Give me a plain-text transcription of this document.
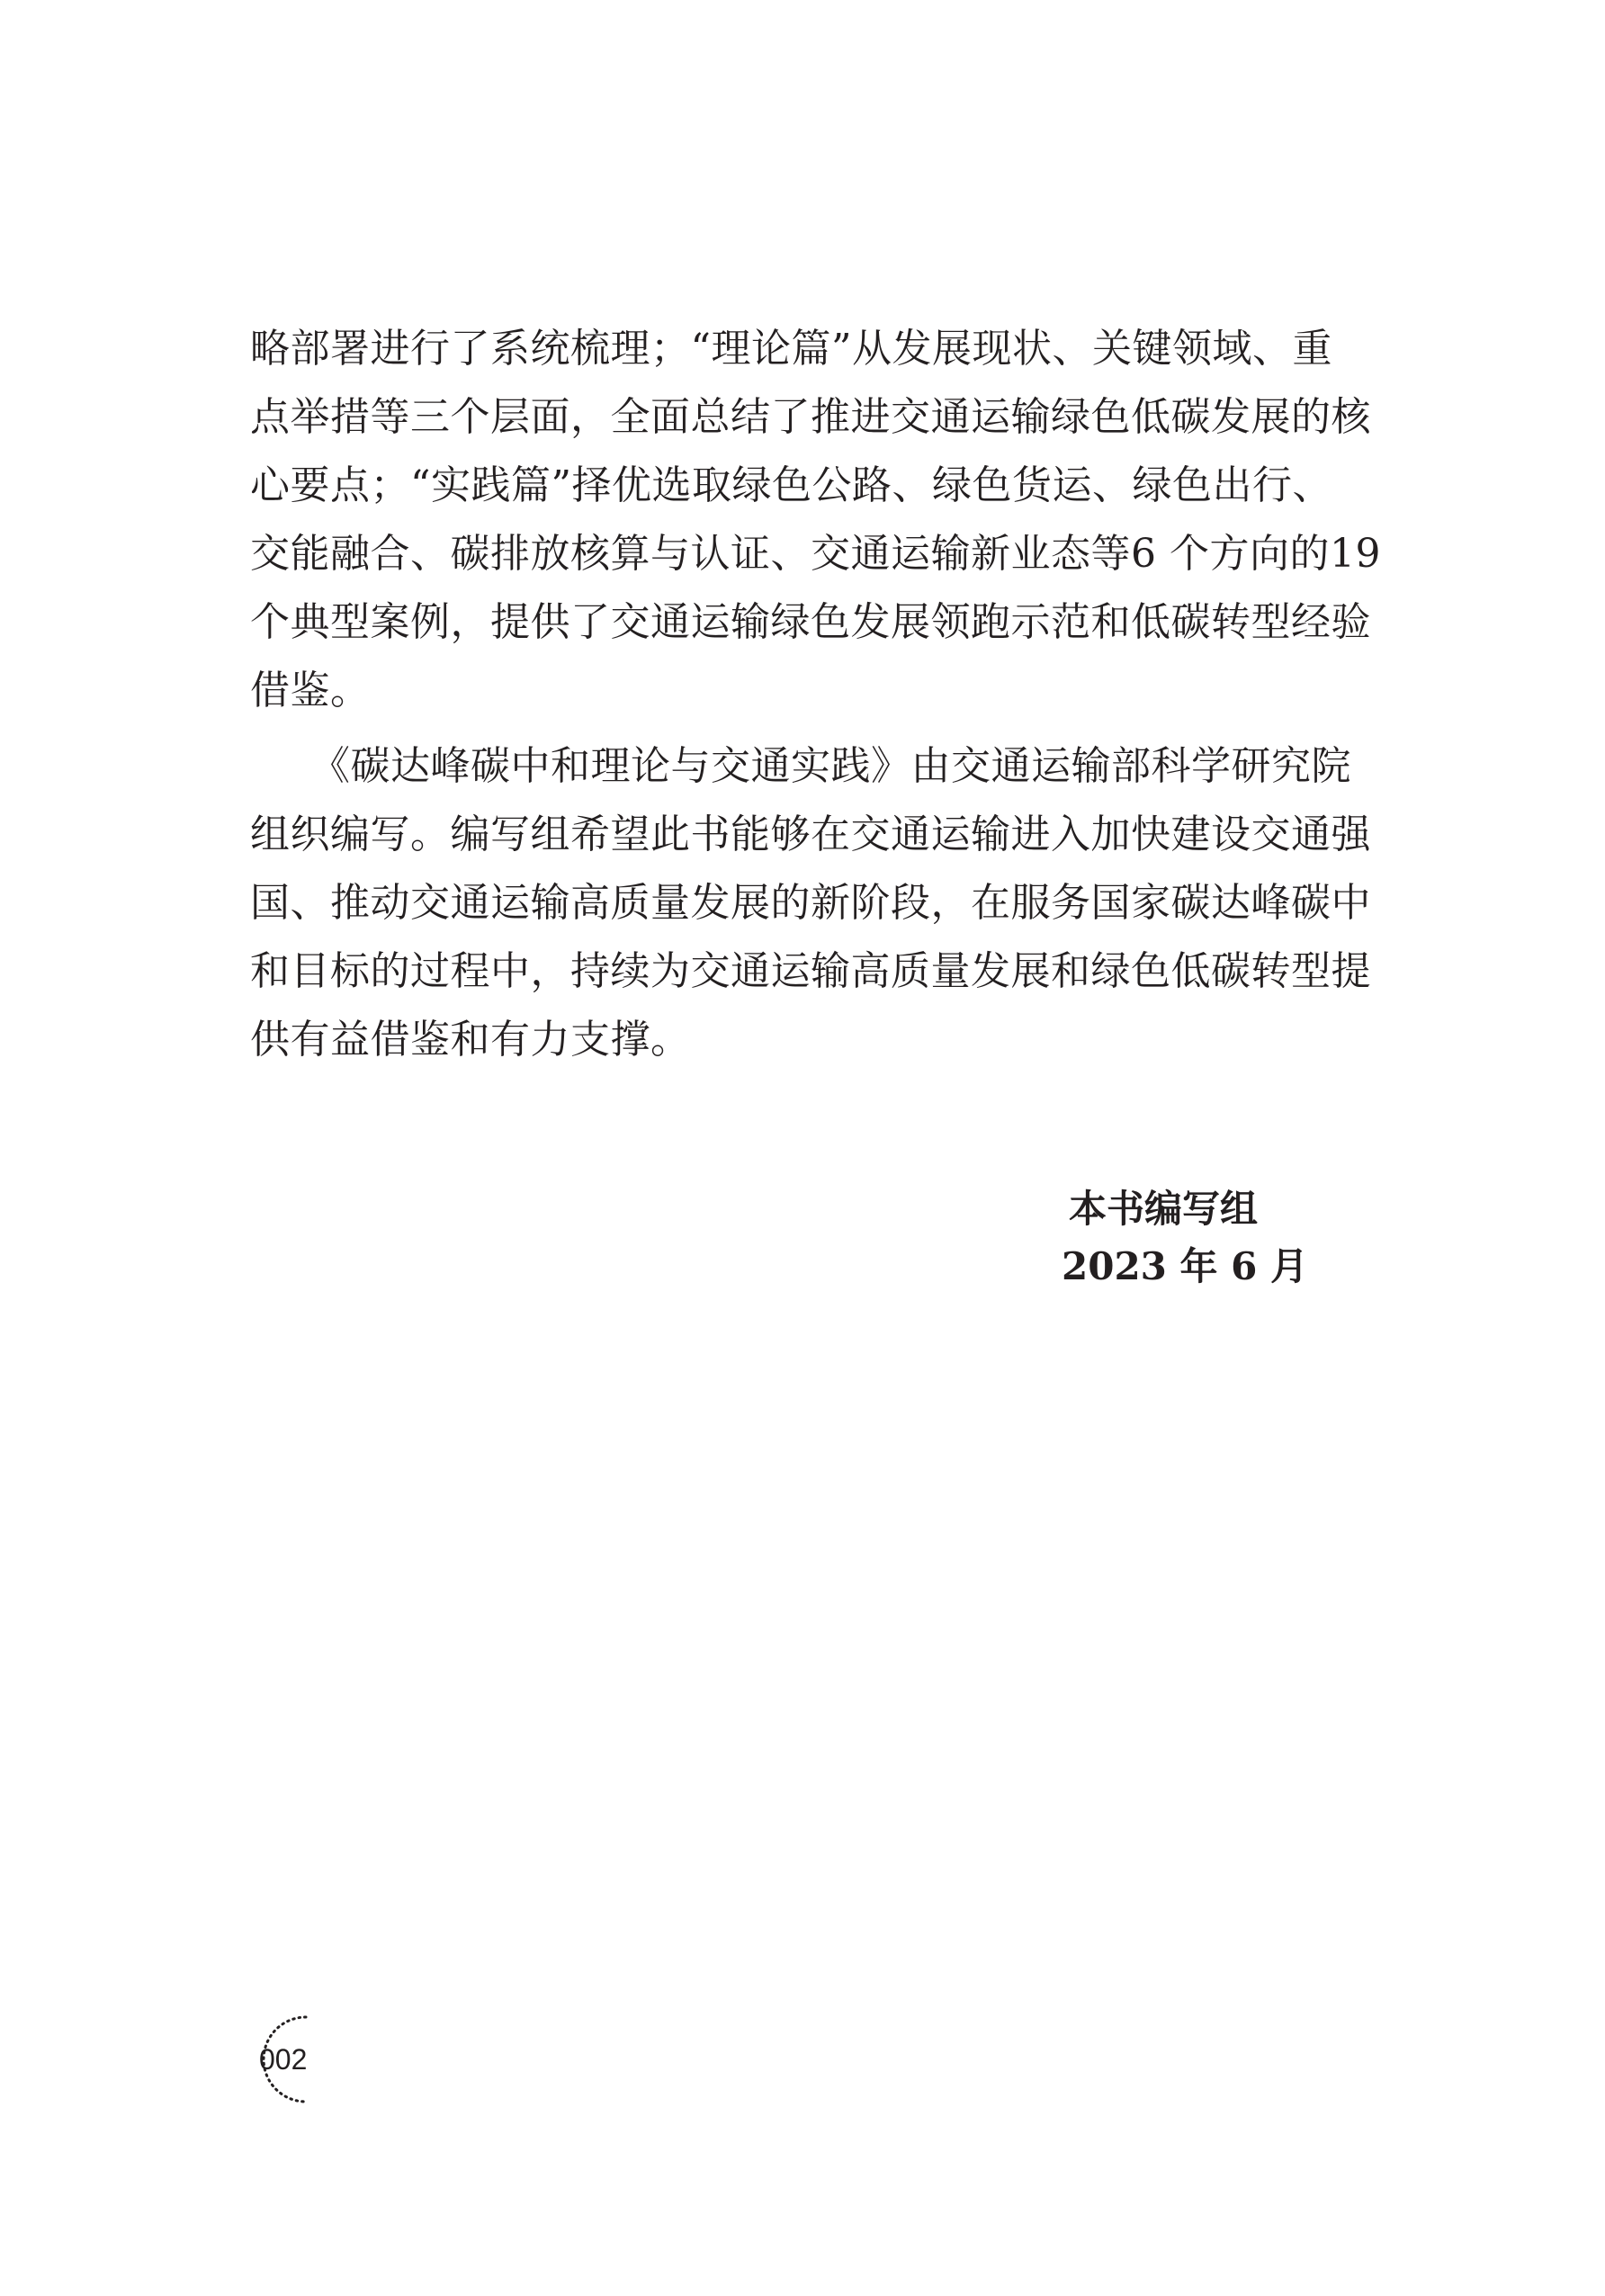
略部署进行了系统梳理；“理论篇”从发展现状、关键领域、重
点举措等三个层面，全面总结了推进交通运输绿色低碳发展的核
心要点；“实践篇”择优选取绿色公路、绿色货运、绿色出行、
交能融合、碳排放核算与认证、交通运输新业态等6 个方向的19
个典型案例，提供了交通运输绿色发展领跑示范和低碳转型经验
借鉴。
　　《碳达峰碳中和理论与交通实践》由交通运输部科学研究院
组织编写。编写组希望此书能够在交通运输进入加快建设交通强
国、推动交通运输高质量发展的新阶段，在服务国家碳达峰碳中
和目标的过程中，持续为交通运输高质量发展和绿色低碳转型提
供有益借鉴和有力支撑。
本书编写组
2023 年 6 月
002
